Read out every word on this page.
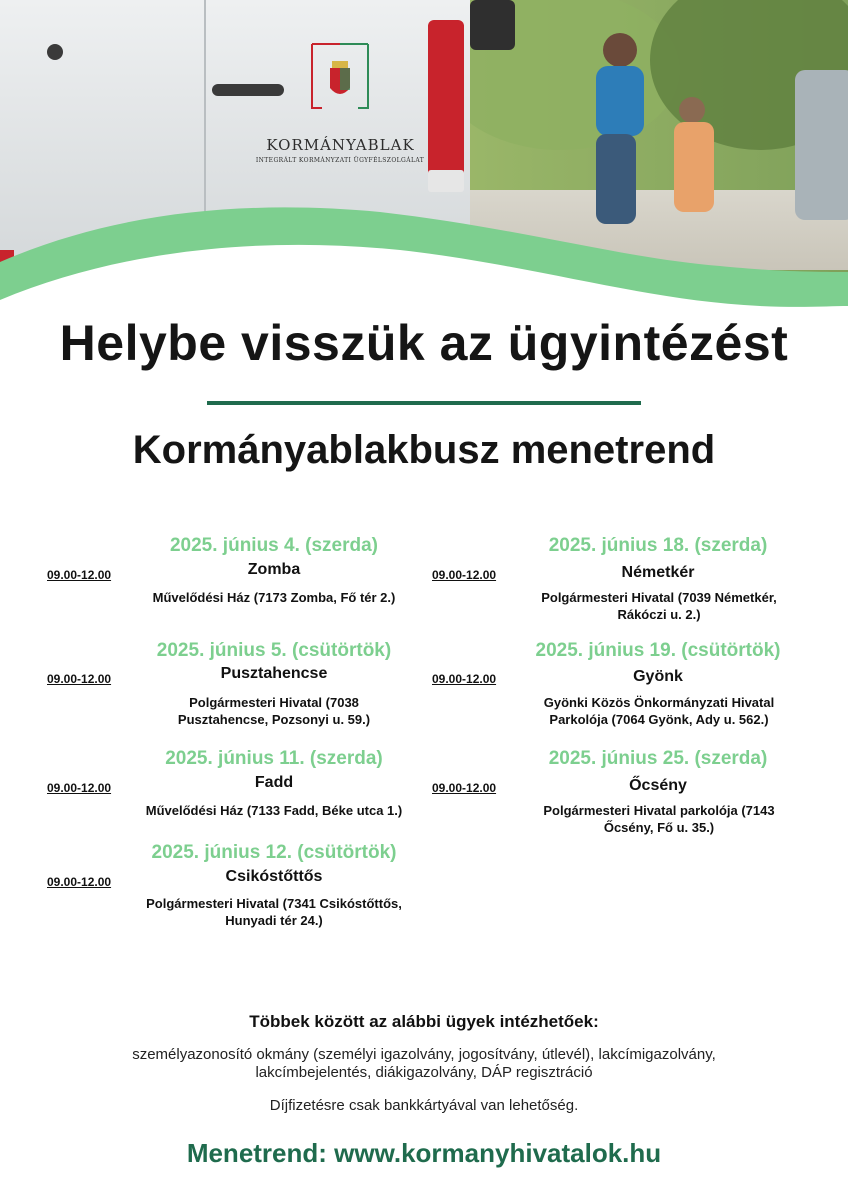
KORMÁNYABLAK
INTEGRÁLT KORMÁNYZATI ÜGYFÉLSZOLGÁLAT
Helybe visszük az ügyintézést
Kormányablakbusz menetrend
09.00-12.00
2025. június 4. (szerda)
Zomba
Művelődési Ház (7173 Zomba, Fő tér 2.)
09.00-12.00
2025. június 5. (csütörtök)
Pusztahencse
Polgármesteri Hivatal (7038 Pusztahencse, Pozsonyi u. 59.)
09.00-12.00
2025. június 11. (szerda)
Fadd
Művelődési Ház (7133 Fadd, Béke utca 1.)
09.00-12.00
2025. június 12. (csütörtök)
Csikóstőttős
Polgármesteri Hivatal (7341 Csikóstőttős, Hunyadi tér 24.)
09.00-12.00
2025. június 18. (szerda)
Németkér
Polgármesteri Hivatal (7039 Németkér, Rákóczi u. 2.)
09.00-12.00
2025. június 19. (csütörtök)
Gyönk
Gyönki Közös Önkormányzati Hivatal Parkolója (7064 Gyönk, Ady u. 562.)
09.00-12.00
2025. június 25. (szerda)
Őcsény
Polgármesteri Hivatal parkolója (7143 Őcsény, Fő u. 35.)
Többek között az alábbi ügyek intézhetőek:
személyazonosító okmány (személyi igazolvány, jogosítvány, útlevél), lakcímigazolvány, lakcímbejelentés, diákigazolvány, DÁP regisztráció
Díjfizetésre csak bankkártyával van lehetőség.
Menetrend: www.kormanyhivatalok.hu
